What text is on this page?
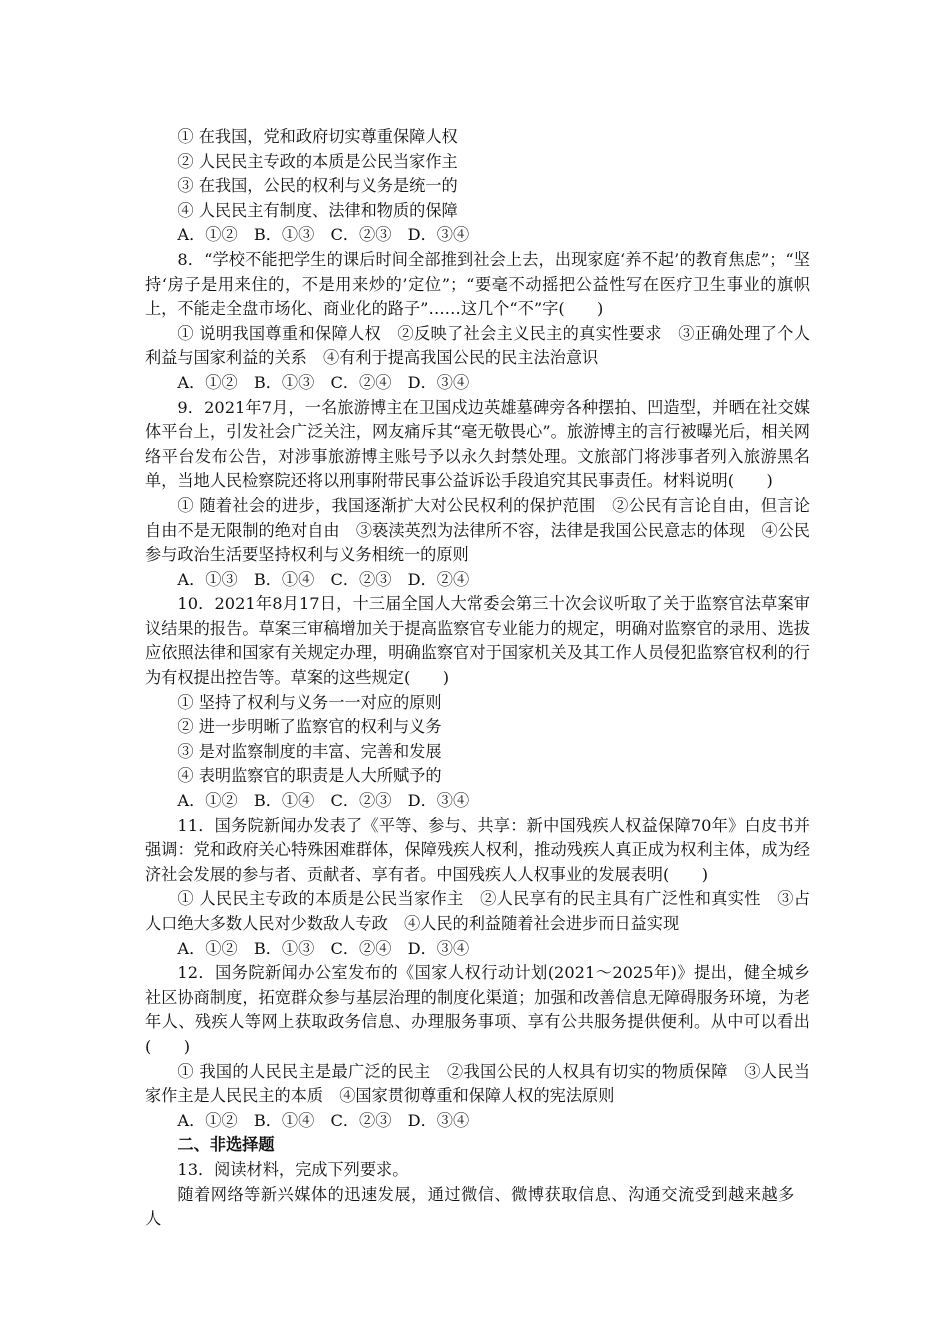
① 在我国，党和政府切实尊重保障人权

② 人民民主专政的本质是公民当家作主

③ 在我国，公民的权利与义务是统一的

④ 人民民主有制度、法律和物质的保障

A．①②　B．①③　C．②③　D．③④

8．“学校不能把学生的课后时间全部推到社会上去，出现家庭‘养不起’的教育焦虑”；“坚持‘房子是用来住的，不是用来炒的’定位”；“要毫不动摇把公益性写在医疗卫生事业的旗帜上，不能走全盘市场化、商业化的路子”……这几个“不”字(　　)

① 说明我国尊重和保障人权　②反映了社会主义民主的真实性要求　③正确处理了个人利益与国家利益的关系　④有利于提高我国公民的民主法治意识

A．①②　B．①③　C．②④　D．③④

9．2021年7月，一名旅游博主在卫国戍边英雄墓碑旁各种摆拍、凹造型，并晒在社交媒体平台上，引发社会广泛关注，网友痛斥其“毫无敬畏心”。旅游博主的言行被曝光后，相关网络平台发布公告，对涉事旅游博主账号予以永久封禁处理。文旅部门将涉事者列入旅游黑名单，当地人民检察院还将以刑事附带民事公益诉讼手段追究其民事责任。材料说明(　　)

① 随着社会的进步，我国逐渐扩大对公民权利的保护范围　②公民有言论自由，但言论自由不是无限制的绝对自由　③亵渎英烈为法律所不容，法律是我国公民意志的体现　④公民参与政治生活要坚持权利与义务相统一的原则

A．①③　B．①④　C．②③　D．②④

10．2021年8月17日，十三届全国人大常委会第三十次会议听取了关于监察官法草案审议结果的报告。草案三审稿增加关于提高监察官专业能力的规定，明确对监察官的录用、选拔应依照法律和国家有关规定办理，明确监察官对于国家机关及其工作人员侵犯监察官权利的行为有权提出控告等。草案的这些规定(　　)

① 坚持了权利与义务一一对应的原则

② 进一步明晰了监察官的权利与义务

③ 是对监察制度的丰富、完善和发展

④ 表明监察官的职责是人大所赋予的

A．①②　B．①④　C．②③　D．③④

11．国务院新闻办发表了《平等、参与、共享：新中国残疾人权益保障70年》白皮书并强调：党和政府关心特殊困难群体，保障残疾人权利，推动残疾人真正成为权利主体，成为经济社会发展的参与者、贡献者、享有者。中国残疾人人权事业的发展表明(　　)

① 人民民主专政的本质是公民当家作主　②人民享有的民主具有广泛性和真实性　③占人口绝大多数人民对少数敌人专政　④人民的利益随着社会进步而日益实现

A．①②　B．①③　C．②④　D．③④

12．国务院新闻办公室发布的《国家人权行动计划(2021～2025年)》提出，健全城乡社区协商制度，拓宽群众参与基层治理的制度化渠道；加强和改善信息无障碍服务环境，为老年人、残疾人等网上获取政务信息、办理服务事项、享有公共服务提供便利。从中可以看出(　　)

① 我国的人民民主是最广泛的民主　②我国公民的人权具有切实的物质保障　③人民当家作主是人民民主的本质　④国家贯彻尊重和保障人权的宪法原则

A．①②　B．①④　C．②③　D．③④

二、非选择题

13．阅读材料，完成下列要求。

随着网络等新兴媒体的迅速发展，通过微信、微博获取信息、沟通交流受到越来越多人
